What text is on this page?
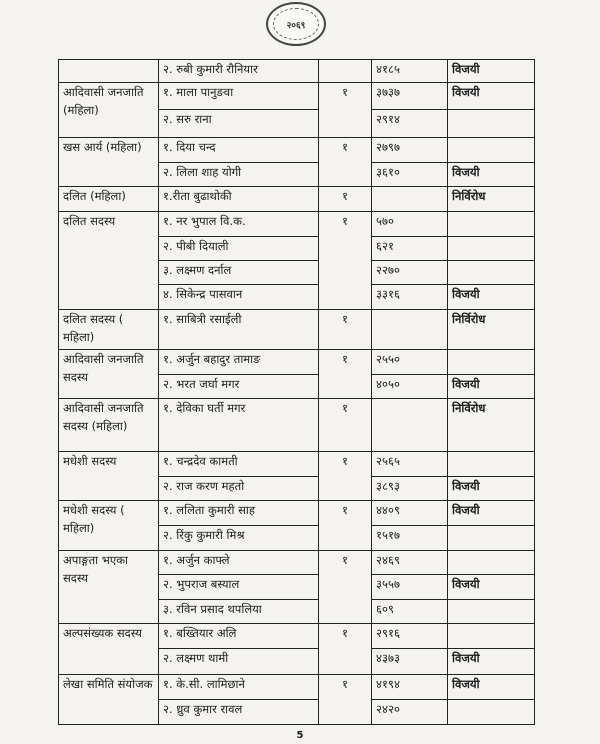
२०६९
	२. रुबी कुमारी रौनियार		४१८५	विजयी

आदिवासी जनजाति (महिला)	१. माला पानुङवा	१	३७३७	विजयी
	२. सरु राना		२९१४	

खस आर्य (महिला)	१. दिया चन्द	१	२७९७	
	२. लिला शाह योगी		३६१०	विजयी

दलित (महिला)	१.रीता बुढाथोकी	१		निर्विरोध

दलित सदस्य	१. नर भुपाल वि.क.	१	५७०	
	२. पीबी दियाली		६२१	
	३. लक्ष्मण दर्नाल		२२७०	
	४. सिकेन्द्र पासवान		३३१६	विजयी

दलित सदस्य ( महिला)	१. साबित्री रसाईली	१		निर्विरोध

आदिवासी जनजाति सदस्य	१. अर्जुन बहादुर तामाङ	१	२५५०	
	२. भरत जर्घा मगर		४०५०	विजयी

आदिवासी जनजाति सदस्य (महिला)	१. देविका घर्ती मगर	१		निर्विरोध

मधेशी सदस्य	१. चन्द्रदेव कामती	१	२५६५	
	२. राज करण महतो		३८९३	विजयी

मधेशी सदस्य ( महिला)	१. ललिता कुमारी साह	१	४४०९	विजयी
	२. रिंकु कुमारी मिश्र		१५१७	

अपाङ्गता भएका सदस्य	१. अर्जुन काफ्ले	१	२४६९	
	२. भुपराज बस्याल		३५५७	विजयी
	३. रविन प्रसाद थपलिया		६०९	

अल्पसंख्यक सदस्य	१. बख्तियार अलि	१	२९१६	
	२. लक्ष्मण थामी		४३७३	विजयी

लेखा समिति संयोजक	१. के.सी. लामिछाने	१	४१९४	विजयी
	२. ध्रुव कुमार रावल		२४२०	
5
